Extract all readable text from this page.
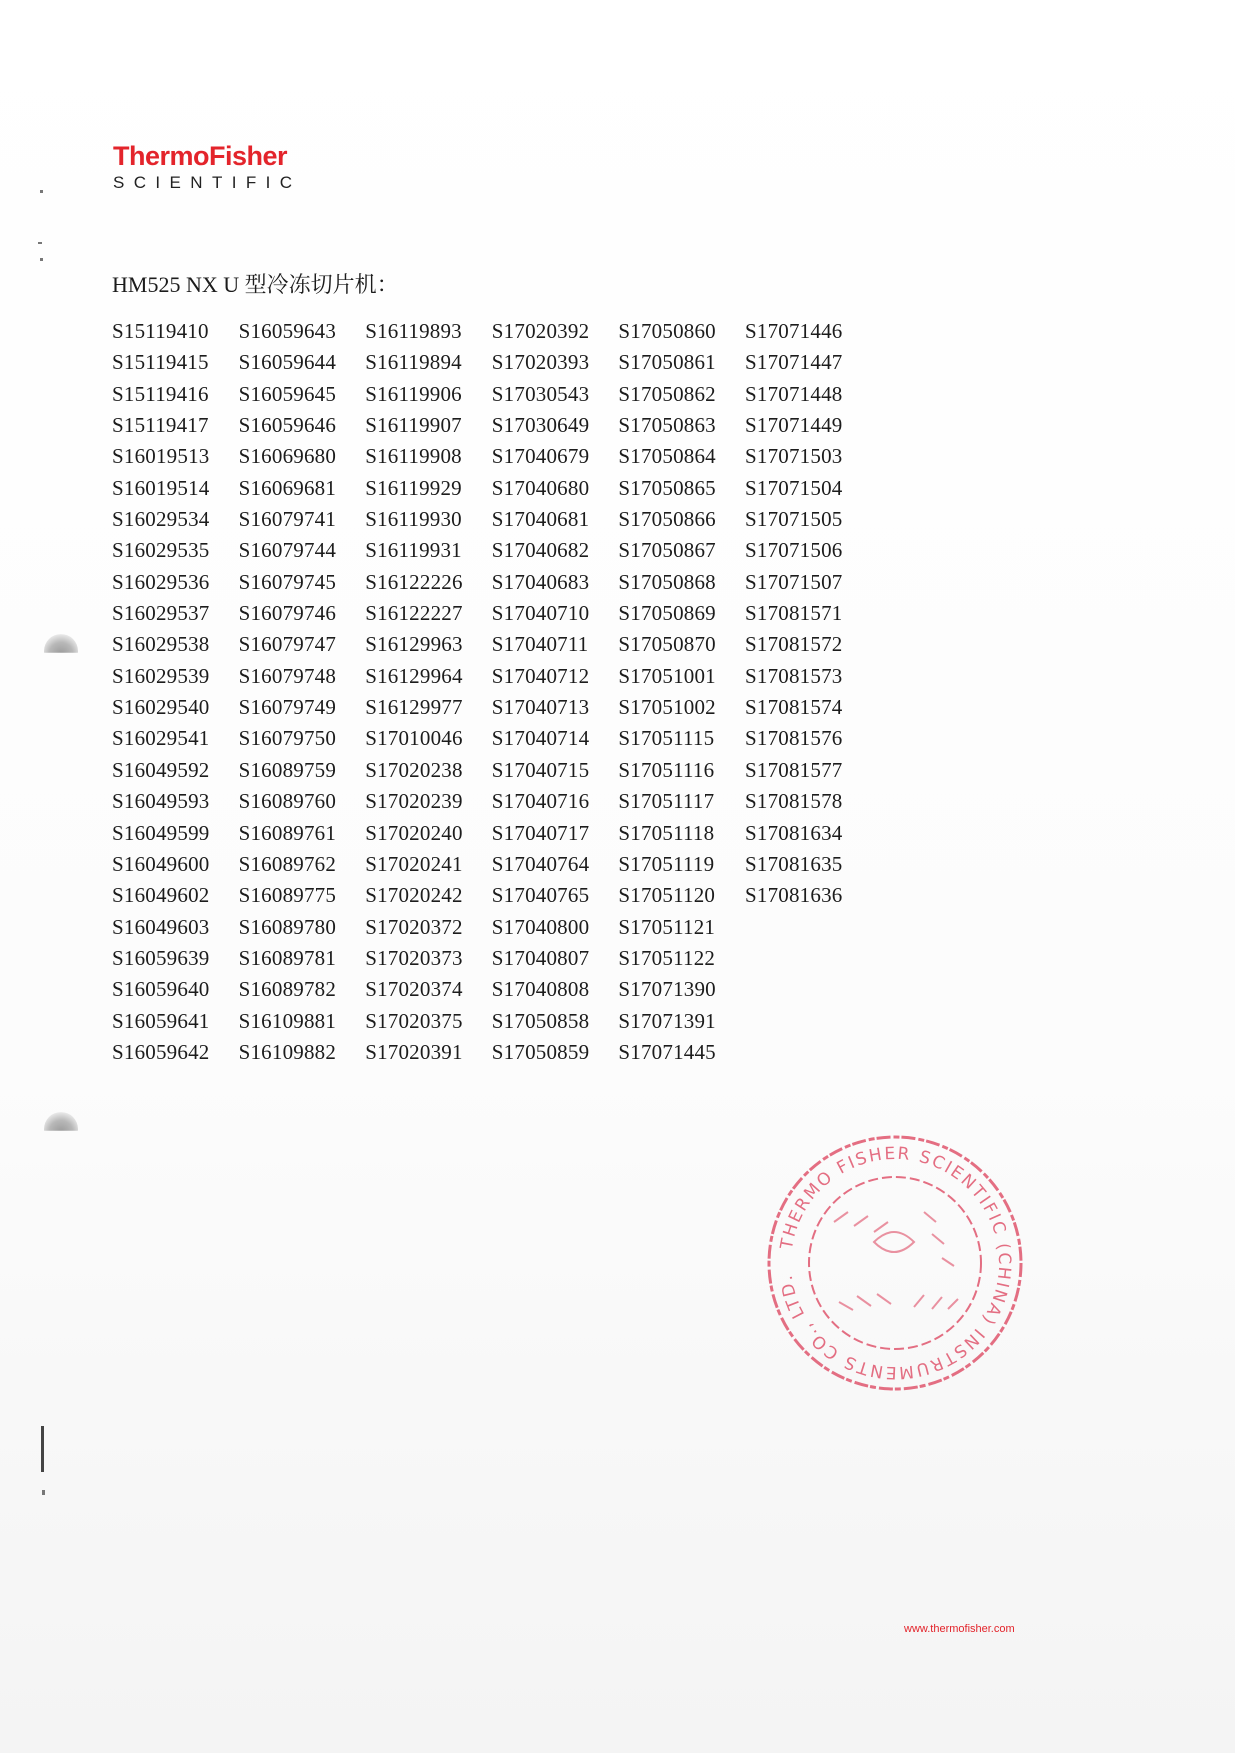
ThermoFisher
SCIENTIFIC
HM525 NX U 型冷冻切片机：
S15119410
S15119415
S15119416
S15119417
S16019513
S16019514
S16029534
S16029535
S16029536
S16029537
S16029538
S16029539
S16029540
S16029541
S16049592
S16049593
S16049599
S16049600
S16049602
S16049603
S16059639
S16059640
S16059641
S16059642
S16059643
S16059644
S16059645
S16059646
S16069680
S16069681
S16079741
S16079744
S16079745
S16079746
S16079747
S16079748
S16079749
S16079750
S16089759
S16089760
S16089761
S16089762
S16089775
S16089780
S16089781
S16089782
S16109881
S16109882
S16119893
S16119894
S16119906
S16119907
S16119908
S16119929
S16119930
S16119931
S16122226
S16122227
S16129963
S16129964
S16129977
S17010046
S17020238
S17020239
S17020240
S17020241
S17020242
S17020372
S17020373
S17020374
S17020375
S17020391
S17020392
S17020393
S17030543
S17030649
S17040679
S17040680
S17040681
S17040682
S17040683
S17040710
S17040711
S17040712
S17040713
S17040714
S17040715
S17040716
S17040717
S17040764
S17040765
S17040800
S17040807
S17040808
S17050858
S17050859
S17050860
S17050861
S17050862
S17050863
S17050864
S17050865
S17050866
S17050867
S17050868
S17050869
S17050870
S17051001
S17051002
S17051115
S17051116
S17051117
S17051118
S17051119
S17051120
S17051121
S17051122
S17071390
S17071391
S17071445
S17071446
S17071447
S17071448
S17071449
S17071503
S17071504
S17071505
S17071506
S17071507
S17081571
S17081572
S17081573
S17081574
S17081576
S17081577
S17081578
S17081634
S17081635
S17081636
THERMO FISHER SCIENTIFIC (CHINA) INSTRUMENTS CO., LTD.
www.thermofisher.com
